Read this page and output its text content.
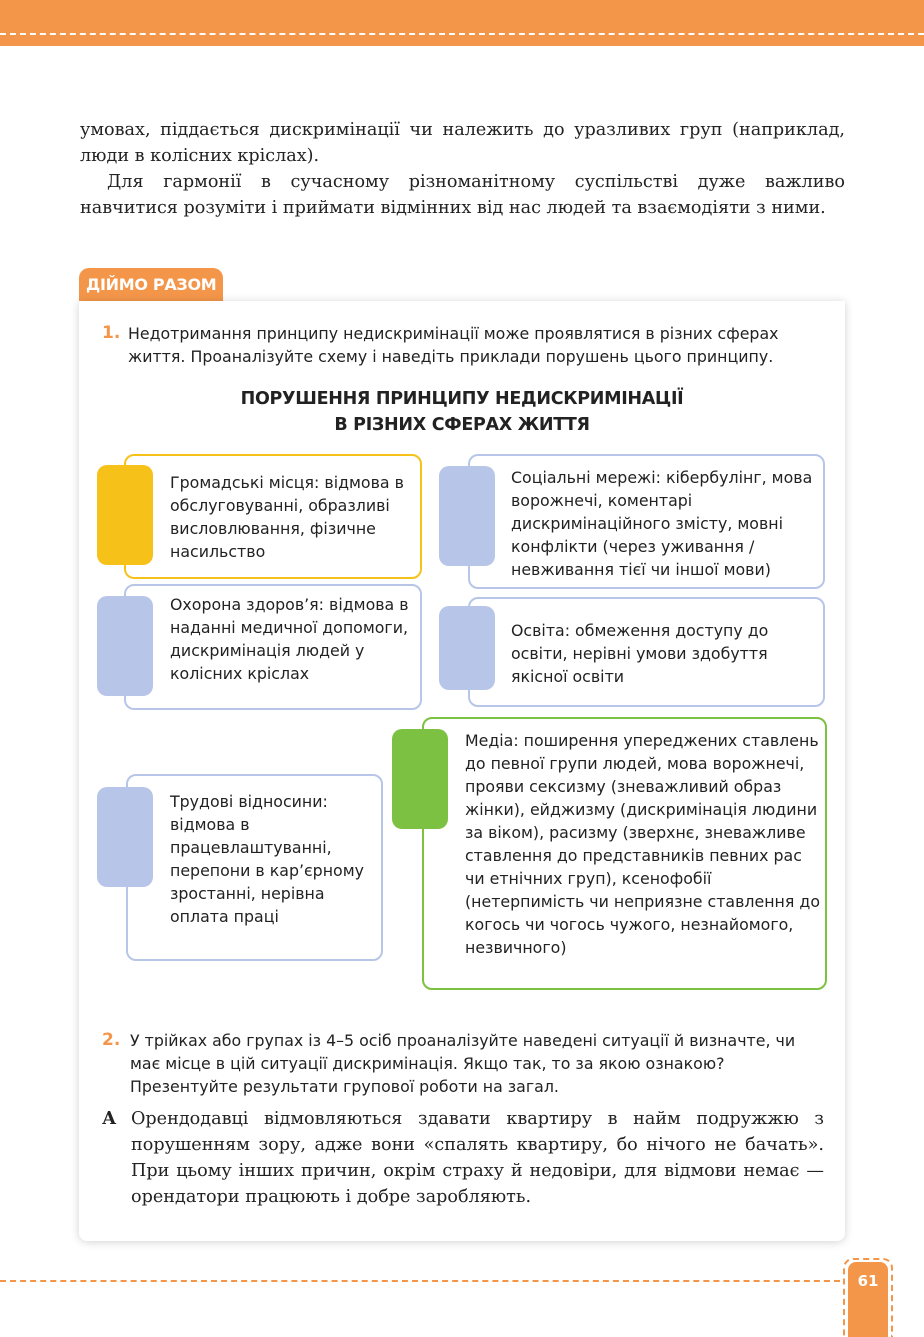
умовах, піддається дискримінації чи належить до уразливих груп (наприклад, люди в колісних кріслах).

Для гармонії в сучасному різноманітному суспільстві дуже важливо навчитися розуміти і приймати відмінних від нас людей та взаємодіяти з ними.

ДІЙМО РАЗОМ
1. Недотримання принципу недискримінації може проявлятися в різних сферах життя. Проаналізуйте схему і наведіть приклади порушень цього принципу.
ПОРУШЕННЯ ПРИНЦИПУ НЕДИСКРИМІНАЦІЇ
В РІЗНИХ СФЕРАХ ЖИТТЯ
Громадські місця: відмова в обслуговуванні, образливі висловлювання, фізичне насильство
Соціальні мережі: кібербулінг, мова ворожнечі, коментарі дискримінаційного змісту, мовні конфлікти (через уживання / невживання тієї чи іншої мови)
Охорона здоров’я: відмова в наданні медичної допомоги, дискримінація людей у колісних кріслах
Освіта: обмеження доступу до освіти, нерівні умови здобуття якісної освіти
Медіа: поширення упереджених ставлень до певної групи людей, мова ворожнечі, прояви сексизму (зневажливий образ жінки), ейджизму (дискримінація людини за віком), расизму (зверхнє, зневажливе ставлення до представників певних рас чи етнічних груп), ксенофобії (нетерпимість чи неприязне ставлення до когось чи чогось чужого, незнайомого, незвичного)
Трудові відносини: відмова в працевлаштуванні, перепони в кар’єрному зростанні, нерівна оплата праці
2. У трійках або групах із 4–5 осіб проаналізуйте наведені ситуації й визначте, чи має місце в цій ситуації дискримінація. Якщо так, то за якою ознакою? Презентуйте результати групової роботи на загал.
А Орендодавці відмовляються здавати квартиру в найм подружжю з порушенням зору, адже вони «спалять квартиру, бо нічого не бачать». При цьому інших причин, окрім страху й недовіри, для відмови немає — орендатори працюють і добре заробляють.
61
